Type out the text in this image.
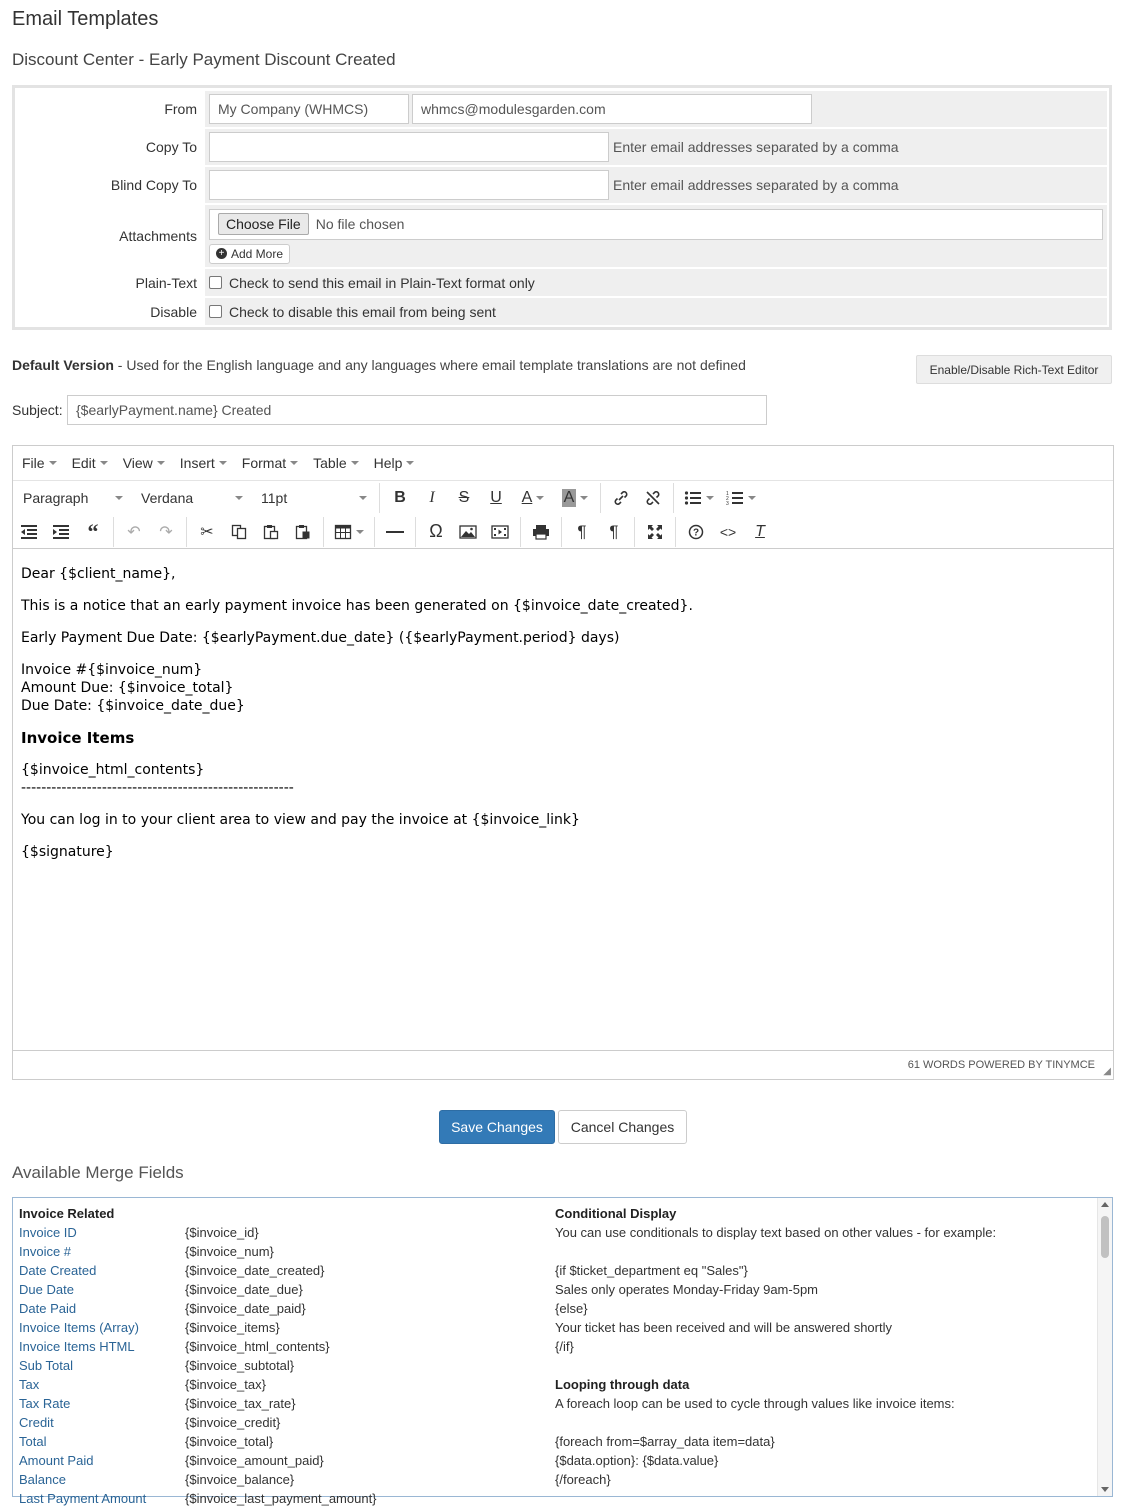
Email Templates
Discount Center - Early Payment Discount Created
From	My Company (WHMCS)	whmcs@modulesgarden.com
Copy To	Enter email addresses separated by a comma
Blind Copy To	Enter email addresses separated by a comma
Attachments
Choose File	No file chosen
+ Add More
Plain-Text	Check to send this email in Plain-Text format only
Disable	Check to disable this email from being sent
Default Version - Used for the English language and any languages where email template translations are not defined	Enable/Disable Rich-Text Editor
Subject: {$earlyPayment.name} Created
File Edit View Insert Format Table Help
Paragraph	Verdana	11pt	B	I	S	U	A A	1
2
3
“	↶	↷	✂	Ω	¶	¶	?	<>	T

Dear {$client_name},

This is a notice that an early payment invoice has been generated on {$invoice_date_created}.

Early Payment Due Date: {$earlyPayment.due_date} ({$earlyPayment.period} days)

Invoice #{$invoice_num}
Amount Due: {$invoice_total}
Due Date: {$invoice_date_due}

Invoice Items

{$invoice_html_contents}
------------------------------------------------------

You can log in to your client area to view and pay the invoice at {$invoice_link}

{$signature}

61 WORDS POWERED BY TINYMCE
◢
Save Changes	Cancel Changes
Available Merge Fields
Invoice Related
Invoice ID	{$invoice_id}
Invoice #	{$invoice_num}
Date Created	{$invoice_date_created}
Due Date	{$invoice_date_due}
Date Paid	{$invoice_date_paid}
Invoice Items (Array)	{$invoice_items}
Invoice Items HTML	{$invoice_html_contents}
Sub Total	{$invoice_subtotal}
Tax	{$invoice_tax}
Tax Rate	{$invoice_tax_rate}
Credit	{$invoice_credit}
Total	{$invoice_total}
Amount Paid	{$invoice_amount_paid}
Balance	{$invoice_balance}
Last Payment Amount	{$invoice_last_payment_amount}
Conditional Display
You can use conditionals to display text based on other values - for example:
{if $ticket_department eq "Sales"}
Sales only operates Monday-Friday 9am-5pm
{else}
Your ticket has been received and will be answered shortly
{/if}
Looping through data
A foreach loop can be used to cycle through values like invoice items:
{foreach from=$array_data item=data}
{$data.option}: {$data.value}
{/foreach}
